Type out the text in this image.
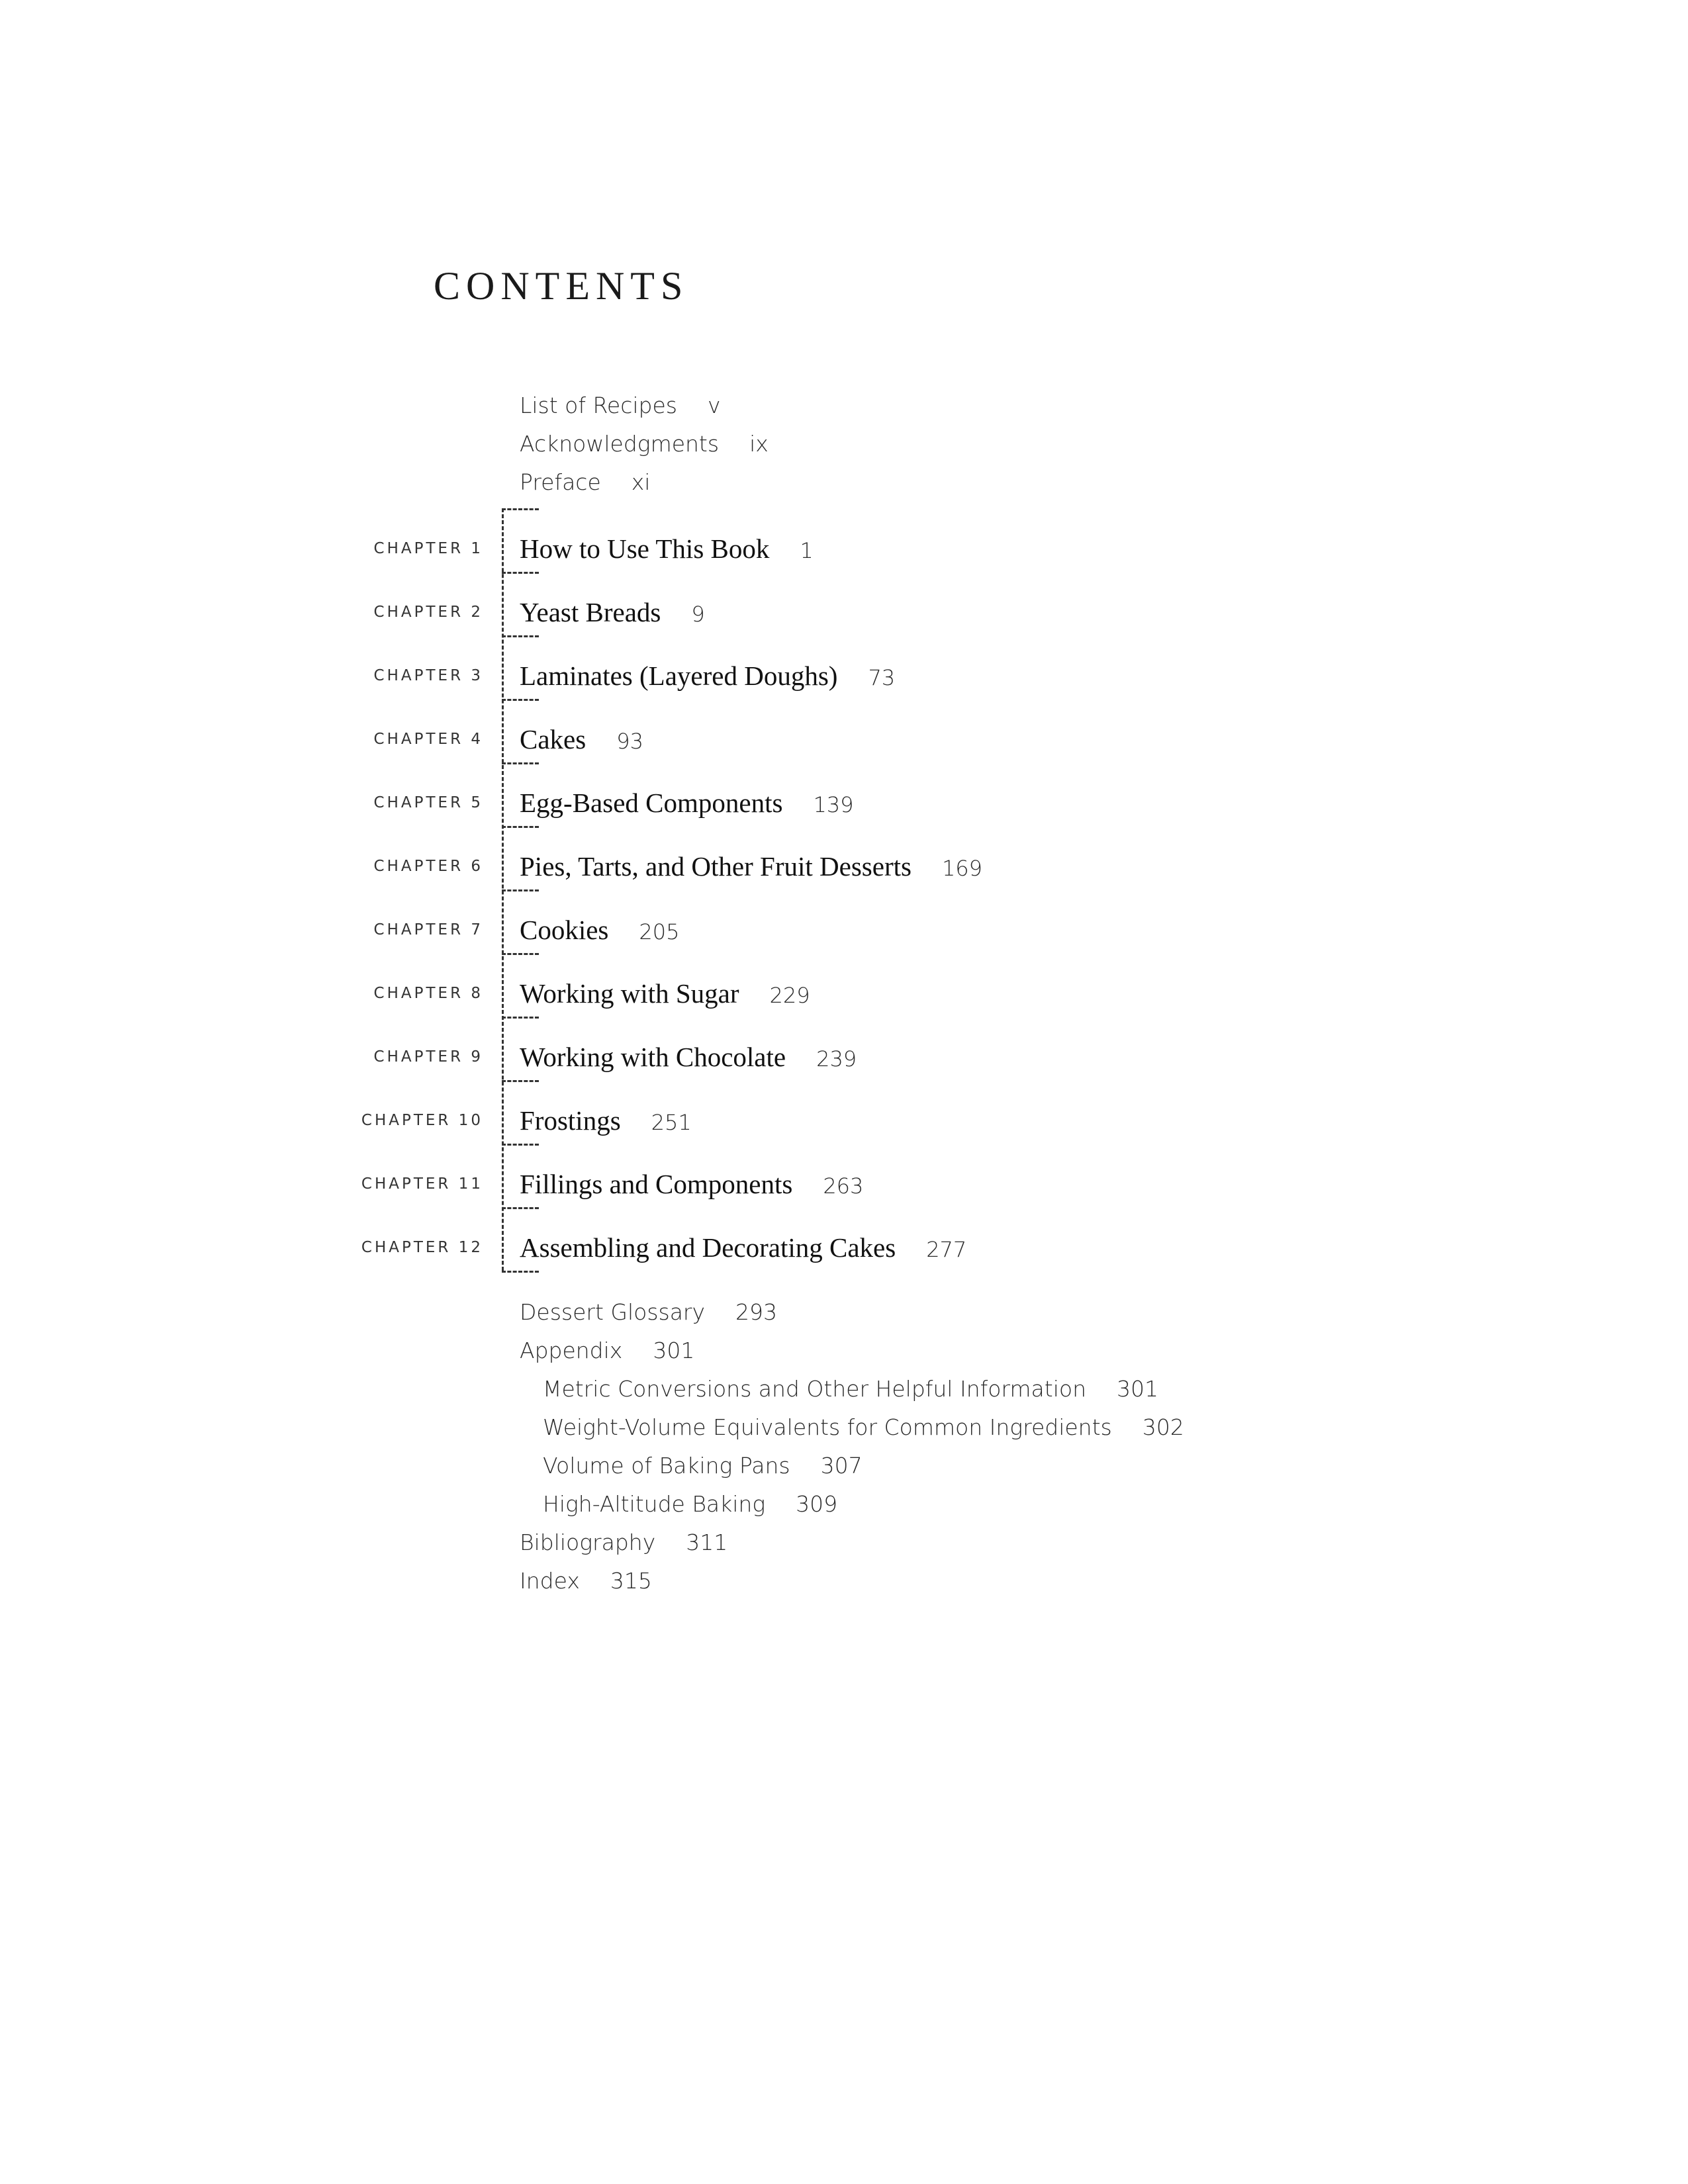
CONTENTS
List of Recipes v
Acknowledgments ix
Preface xi
CHAPTER 1 How to Use This Book 1
CHAPTER 2 Yeast Breads 9
CHAPTER 3 Laminates (Layered Doughs) 73
CHAPTER 4 Cakes 93
CHAPTER 5 Egg-Based Components 139
CHAPTER 6 Pies, Tarts, and Other Fruit Desserts 169
CHAPTER 7 Cookies 205
CHAPTER 8 Working with Sugar 229
CHAPTER 9 Working with Chocolate 239
CHAPTER 10 Frostings 251
CHAPTER 11 Fillings and Components 263
CHAPTER 12 Assembling and Decorating Cakes 277
Dessert Glossary 293
Appendix 301
Metric Conversions and Other Helpful Information 301
Weight-Volume Equivalents for Common Ingredients 302
Volume of Baking Pans 307
High-Altitude Baking 309
Bibliography 311
Index 315
